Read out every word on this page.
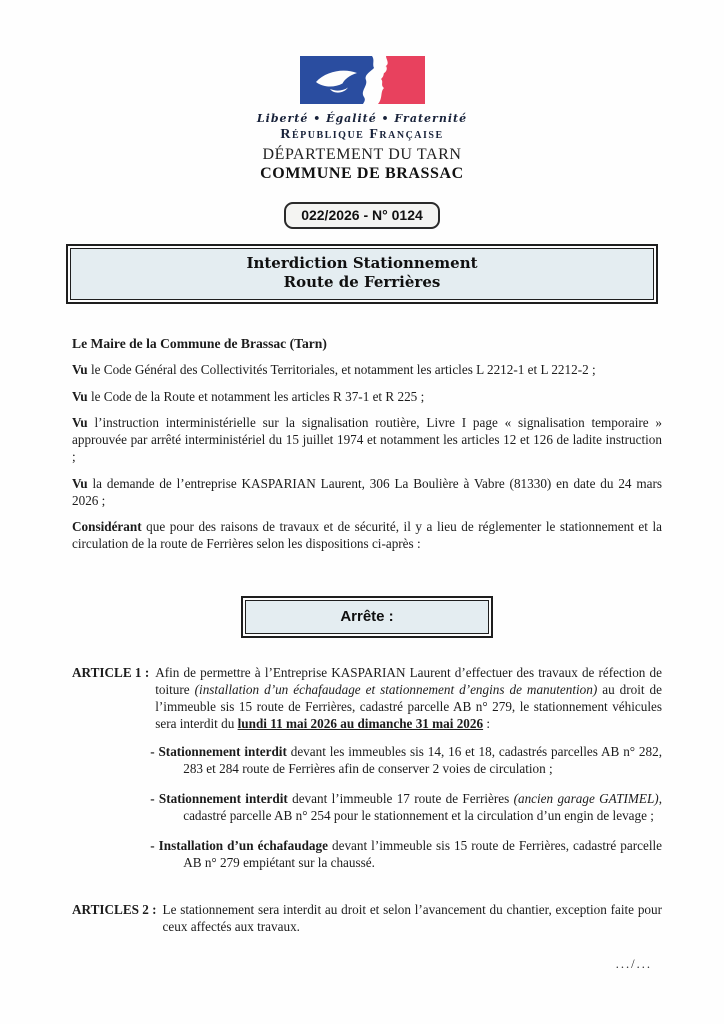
Liberté • Égalité • Fraternité
République Française
DÉPARTEMENT DU TARN
COMMUNE DE BRASSAC
022/2026 - N° 0124
Interdiction Stationnement
Route de Ferrières
Le Maire de la Commune de Brassac (Tarn)

Vu le Code Général des Collectivités Territoriales, et notamment les articles L 2212-1 et L 2212-2 ;

Vu le Code de la Route et notamment les articles R 37-1 et R 225 ;

Vu l’instruction interministérielle sur la signalisation routière, Livre I page « signalisation temporaire » approuvée par arrêté interministériel du 15 juillet 1974 et notamment les articles 12 et 126 de ladite instruction ;

Vu la demande de l’entreprise KASPARIAN Laurent, 306 La Boulière à Vabre (81330) en date du 24 mars 2026 ;

Considérant que pour des raisons de travaux et de sécurité, il y a lieu de réglementer le stationnement et la circulation de la route de Ferrières selon les dispositions ci-après :

Arrête :
ARTICLE 1 : Afin de permettre à l’Entreprise KASPARIAN Laurent d’effectuer des travaux de réfection de toiture (installation d’un échafaudage et stationnement d’engins de manutention) au droit de l’immeuble sis 15 route de Ferrières, cadastré parcelle AB n° 279, le stationnement véhicules sera interdit du lundi 11 mai 2026 au dimanche 31 mai 2026 :

- Stationnement interdit devant les immeubles sis 14, 16 et 18, cadastrés parcelles AB n° 282, 283 et 284 route de Ferrières afin de conserver 2 voies de circulation ;

- Stationnement interdit devant l’immeuble 17 route de Ferrières (ancien garage GATIMEL), cadastré parcelle AB n° 254 pour le stationnement et la circulation d’un engin de levage ;

- Installation d’un échafaudage devant l’immeuble sis 15 route de Ferrières, cadastré parcelle AB n° 279 empiétant sur la chaussé.

ARTICLES 2 : Le stationnement sera interdit au droit et selon l’avancement du chantier, exception faite pour ceux affectés aux travaux.

.../...
